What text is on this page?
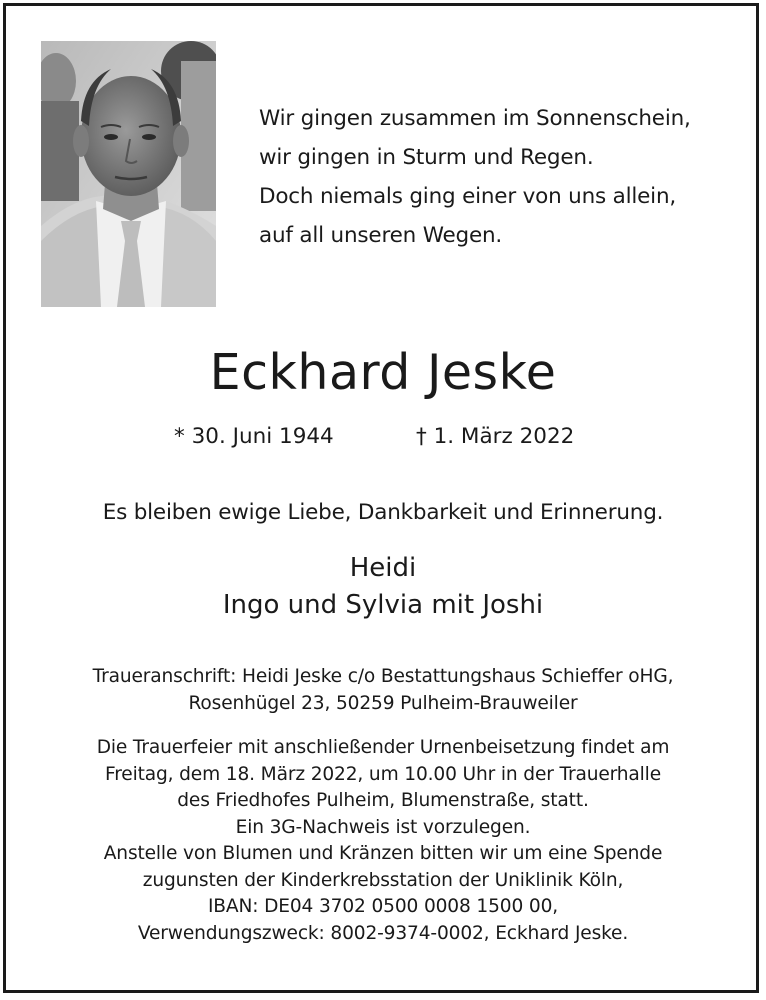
Wir gingen zusammen im Sonnenschein,
wir gingen in Sturm und Regen.
Doch niemals ging einer von uns allein,
auf all unseren Wegen.
Eckhard Jeske
* 30. Juni 1944	† 1. März 2022
Es bleiben ewige Liebe, Dankbarkeit und Erinnerung.
Heidi
Ingo und Sylvia mit Joshi
Traueranschrift: Heidi Jeske c/o Bestattungshaus Schieffer oHG,
Rosenhügel 23, 50259 Pulheim-Brauweiler
Die Trauerfeier mit anschließender Urnenbeisetzung findet am
Freitag, dem 18. März 2022, um 10.00 Uhr in der Trauerhalle
des Friedhofes Pulheim, Blumenstraße, statt.
Ein 3G-Nachweis ist vorzulegen.
Anstelle von Blumen und Kränzen bitten wir um eine Spende
zugunsten der Kinderkrebsstation der Uniklinik Köln,
IBAN: DE04 3702 0500 0008 1500 00,
Verwendungszweck: 8002-9374-0002, Eckhard Jeske.
